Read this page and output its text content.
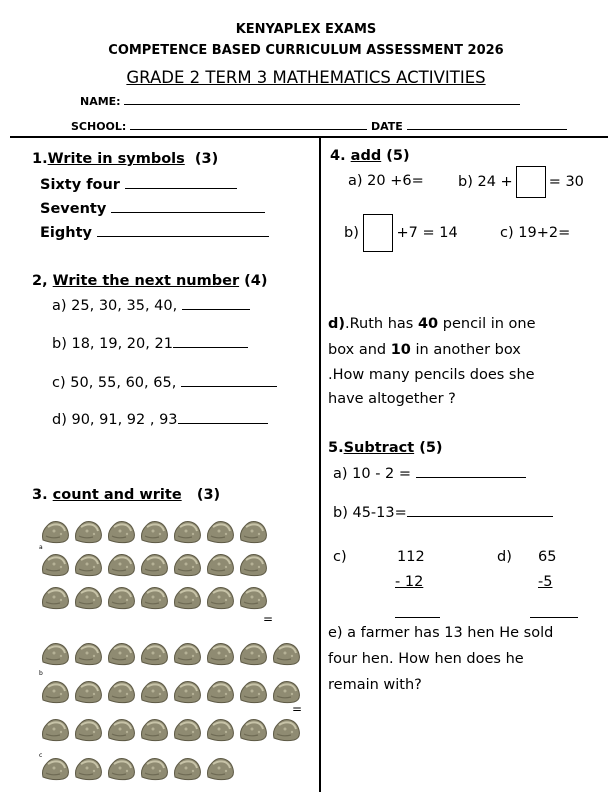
KENYAPLEX EXAMS
COMPETENCE BASED CURRICULUM ASSESSMENT 2026
GRADE 2 TERM 3 MATHEMATICS ACTIVITIES
NAME:
SCHOOL:	DATE
1.Write in symbols (3)
Sixty four
Seventy
Eighty
2, Write the next number (4)
a) 25, 30, 35, 40,
b) 18, 19, 20, 21
c) 50, 55, 60, 65,
d) 90, 91, 92 , 93
3. count and write (3)
a
b
c
=
=
4. add (5)
a) 20 +6= b) 24 + = 30
b)	+7 = 14	c) 19+2=
d).Ruth has 40 pencil in one
box and 10 in another box
.How many pencils does she
have altogether ?
5.Subtract (5)
a) 10 - 2 =
b) 45-13=
c)	112
- 12
d) 65
-5
e) a farmer has 13 hen He sold
four hen. How hen does he
remain with?
